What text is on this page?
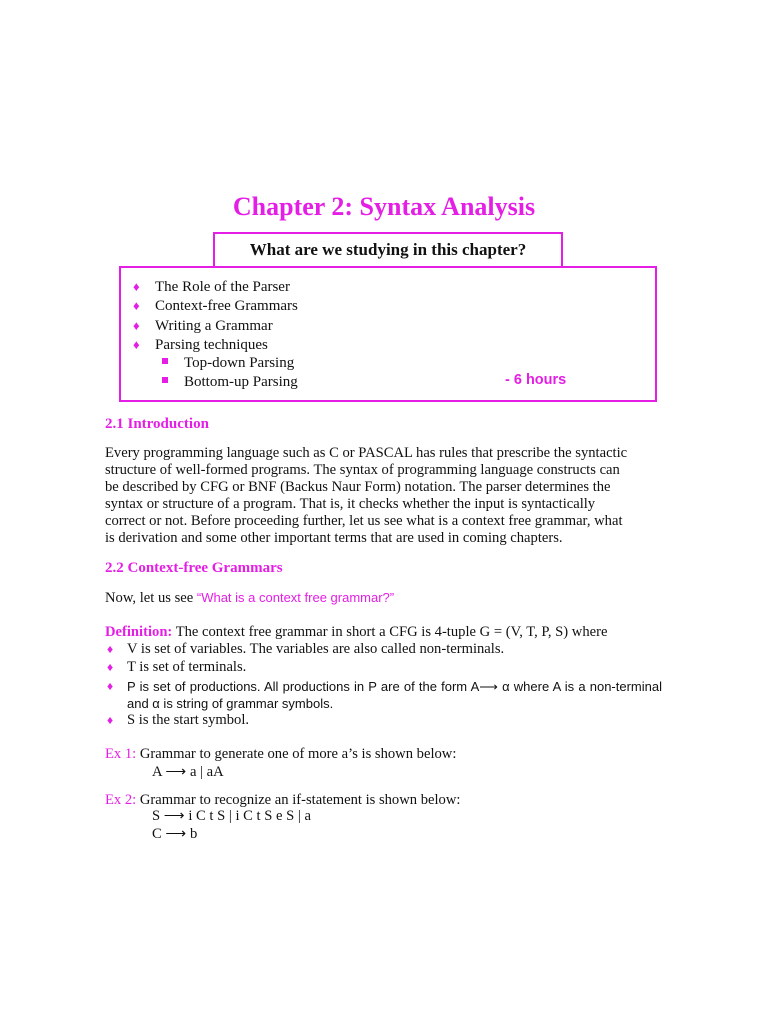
Chapter 2: Syntax Analysis
What are we studying in this chapter?
♦ The Role of the Parser
♦ Context-free Grammars
♦ Writing a Grammar
♦ Parsing techniques
Top-down Parsing
Bottom-up Parsing	- 6 hours
2.1 Introduction
Every programming language such as C or PASCAL has rules that prescribe the syntactic
structure of well-formed programs. The syntax of programming language constructs can
be described by CFG or BNF (Backus Naur Form) notation. The parser determines the
syntax or structure of a program. That is, it checks whether the input is syntactically
correct or not. Before proceeding further, let us see what is a context free grammar, what
is derivation and some other important terms that are used in coming chapters.
2.2 Context-free Grammars
Now, let us see “What is a context free grammar?”
Definition: The context free grammar in short a CFG is 4-tuple G = (V, T, P, S) where
♦ V is set of variables. The variables are also called non-terminals.
♦ T is set of terminals.
♦ P is set of productions. All productions in P are of the form A⟶ α where A is a non-terminal and α is string of grammar symbols.
♦ S is the start symbol.
Ex 1: Grammar to generate one of more a’s is shown below:
A ⟶ a | aA
Ex 2: Grammar to recognize an if-statement is shown below:
S ⟶ i C t S | i C t S e S | a
C ⟶ b
